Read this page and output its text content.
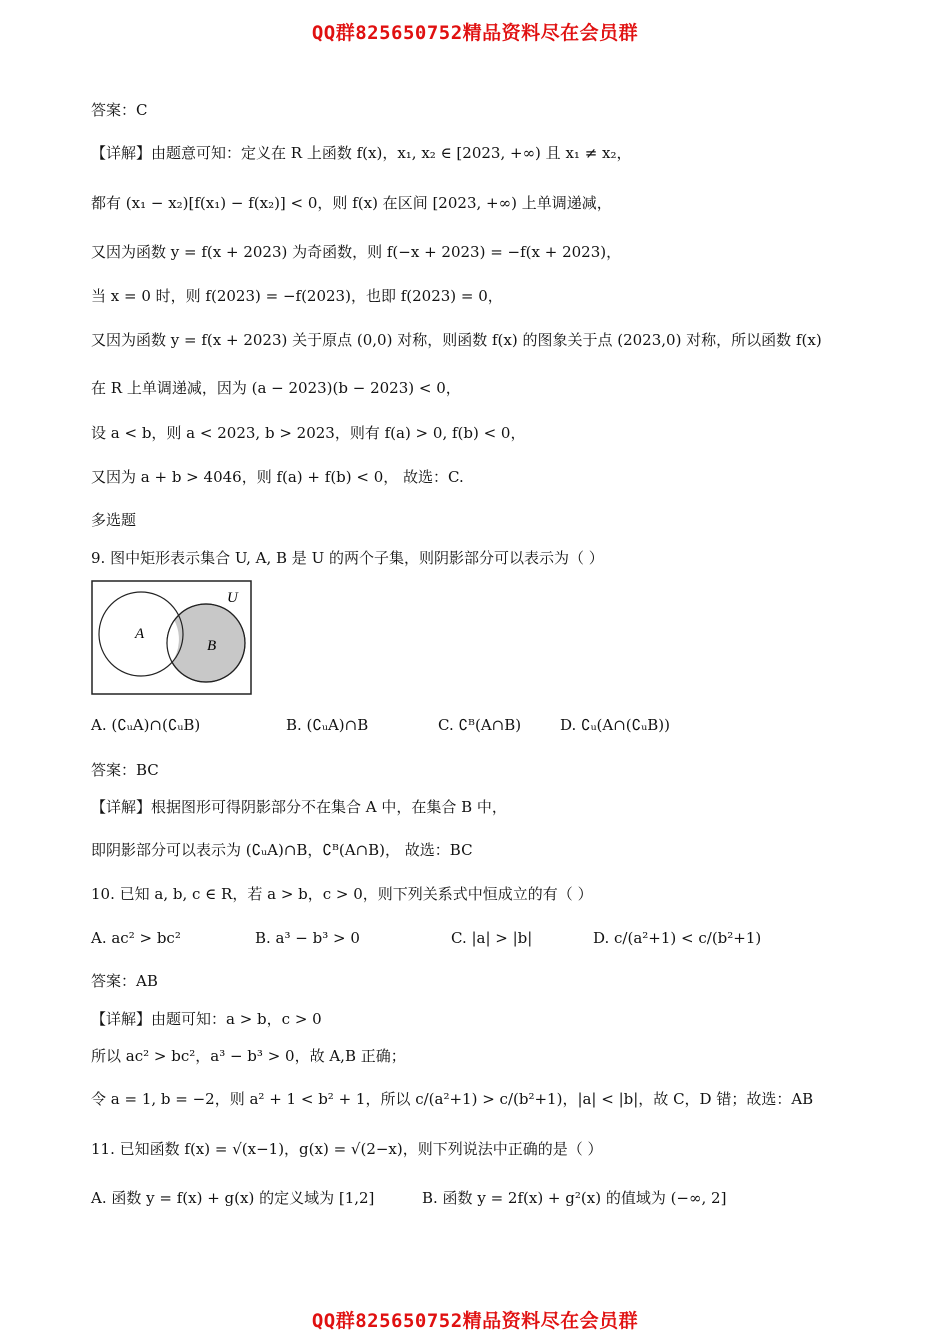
QQ群825650752精品资料尽在会员群
答案：C
【详解】由题意可知：定义在 R 上函数 f(x)，x₁, x₂ ∈ [2023, +∞) 且 x₁ ≠ x₂，
都有 (x₁ − x₂)[f(x₁) − f(x₂)] < 0，则 f(x) 在区间 [2023, +∞) 上单调递减，
又因为函数 y = f(x + 2023) 为奇函数，则 f(−x + 2023) = −f(x + 2023)，
当 x = 0 时，则 f(2023) = −f(2023)，也即 f(2023) = 0，
又因为函数 y = f(x + 2023) 关于原点 (0,0) 对称，则函数 f(x) 的图象关于点 (2023,0) 对称，所以函数 f(x)
在 R 上单调递减，因为 (a − 2023)(b − 2023) < 0，
设 a < b，则 a < 2023, b > 2023，则有 f(a) > 0, f(b) < 0，
又因为 a + b > 4046，则 f(a) + f(b) < 0， 故选：C.
多选题
9. 图中矩形表示集合 U, A, B 是 U 的两个子集，则阴影部分可以表示为（ ）
U
A
B
A. (∁ᵤA)∩(∁ᵤB)	B. (∁ᵤA)∩B	C. ∁ᴮ(A∩B)	D. ∁ᵤ(A∩(∁ᵤB))
答案：BC
【详解】根据图形可得阴影部分不在集合 A 中，在集合 B 中，
即阴影部分可以表示为 (∁ᵤA)∩B，∁ᴮ(A∩B)， 故选：BC
10. 已知 a, b, c ∈ R，若 a > b，c > 0，则下列关系式中恒成立的有（ ）
A. ac² > bc²	B. a³ − b³ > 0	C. |a| > |b|	D. c/(a²+1) < c/(b²+1)
答案：AB
【详解】由题可知：a > b，c > 0
所以 ac² > bc²，a³ − b³ > 0，故 A,B 正确；
令 a = 1, b = −2，则 a² + 1 < b² + 1，所以 c/(a²+1) > c/(b²+1)，|a| < |b|，故 C，D 错；故选：AB
11. 已知函数 f(x) = √(x−1)，g(x) = √(2−x)，则下列说法中正确的是（ ）
A. 函数 y = f(x) + g(x) 的定义域为 [1,2]	B. 函数 y = 2f(x) + g²(x) 的值域为 (−∞, 2]
QQ群825650752精品资料尽在会员群
